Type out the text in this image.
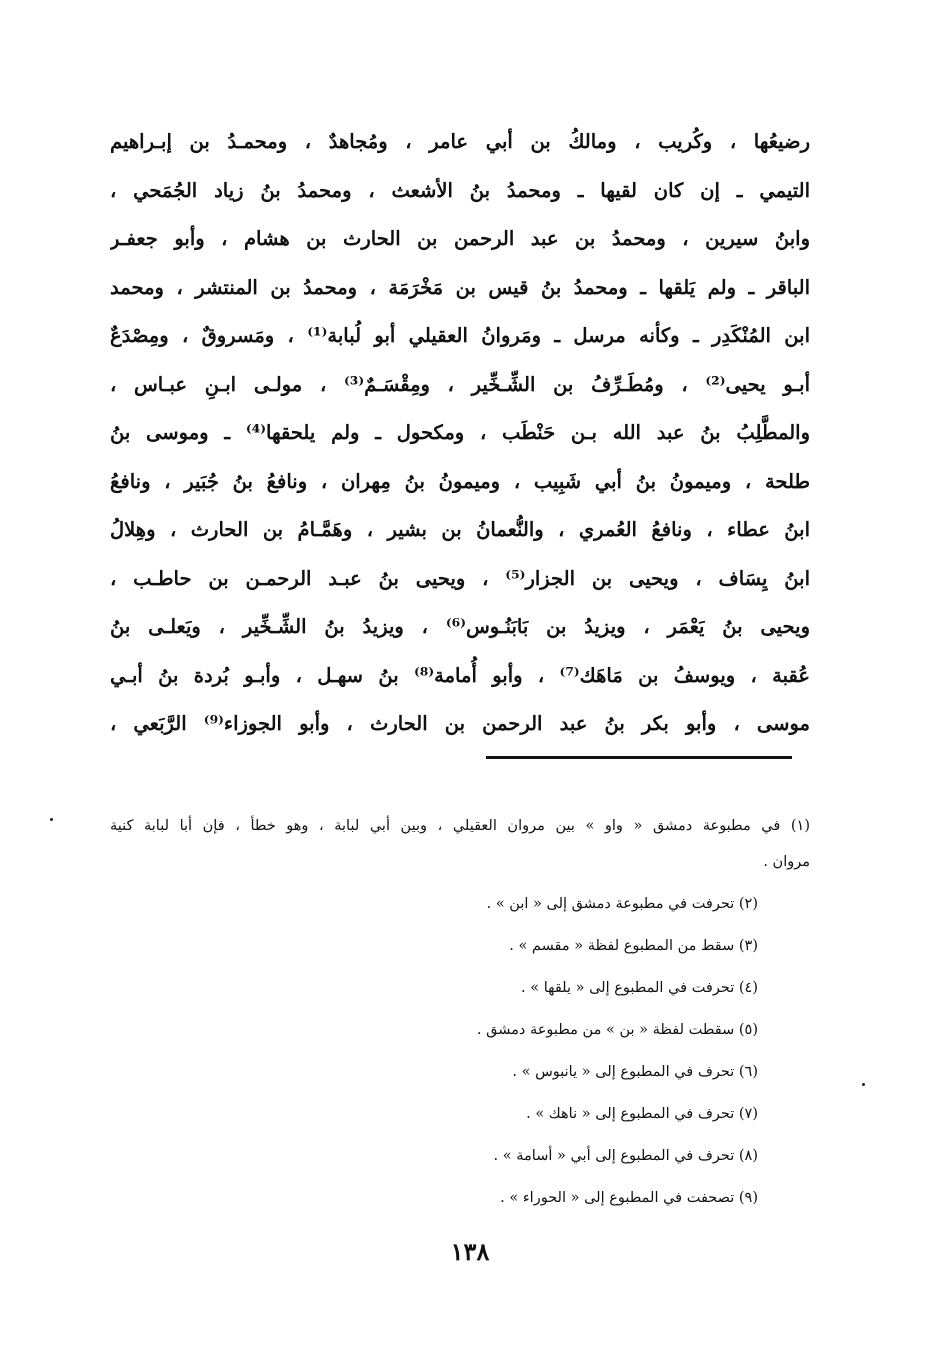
رضيعُها ، وكُريب ، ومالكُ بن أبي عامر ، ومُجاهدٌ ، ومحمـدُ بن إبـراهيم
التيمي ـ إن كان لقيها ـ ومحمدُ بنُ الأشعث ، ومحمدُ بنُ زياد الجُمَحي ،
وابنُ سيرين ، ومحمدُ بن عبد الرحمن بن الحارث بن هشام ، وأبو جعفـر
الباقر ـ ولم يَلقها ـ ومحمدُ بنُ قيس بن مَخْرَمَة ، ومحمدُ بن المنتشر ، ومحمد
ابن المُنْكَدِر ـ وكأنه مرسل ـ ومَروانُ العقيلي أبو لُبابة⁽¹⁾ ، ومَسروقٌ ، ومِصْدَعٌ
أبـو يحيى⁽²⁾ ، ومُطَـرِّفُ بن الشِّـخِّير ، ومِقْسَـمٌ⁽³⁾ ، مولـى ابـنِ عبـاس ،
والمطَّلِبُ بنُ عبد الله بـن حَنْطَب ، ومكحول ـ ولم يلحقها⁽⁴⁾ ـ وموسى بنُ
طلحة ، وميمونُ بنُ أبي شَبِيب ، وميمونُ بنُ مِهران ، ونافعُ بنُ جُبَير ، ونافعُ
ابنُ عطاء ، ونافعُ العُمري ، والنُّعمانُ بن بشير ، وهَمَّـامُ بن الحارث ، وهِلالُ
ابنُ يِسَاف ، ويحيى بن الجزار⁽⁵⁾ ، ويحيى بنُ عبـد الرحمـن بن حاطـب ،
ويحيى بنُ يَعْمَر ، ويزيدُ بن بَابَنُـوس⁽⁶⁾ ، ويزيدُ بنُ الشِّـخِّير ، ويَعلـى بنُ
عُقبة ، ويوسفُ بن مَاهَك⁽⁷⁾ ، وأبو أُمامة⁽⁸⁾ بنُ سهـل ، وأبـو بُردة بنُ أبـي
موسى ، وأبو بكر بنُ عبد الرحمن بن الحارث ، وأبو الجوزاء⁽⁹⁾ الرَّبَعي ،
(١) في مطبوعة دمشق « واو » بين مروان العقيلي ، وبين أبي لبابة ، وهو خطأ ، فإن أبا لبابة كنية
مروان .
(٢) تحرفت في مطبوعة دمشق إلى « ابن » .
(٣) سقط من المطبوع لفظة « مقسم » .
(٤) تحرفت في المطبوع إلى « يلقها » .
(٥) سقطت لفظة « بن » من مطبوعة دمشق .
(٦) تحرف في المطبوع إلى « يانبوس » .
(٧) تحرف في المطبوع إلى « ناهك » .
(٨) تحرف في المطبوع إلى أبي « أسامة » .
(٩) تصحفت في المطبوع إلى « الحوراء » .
١٣٨
